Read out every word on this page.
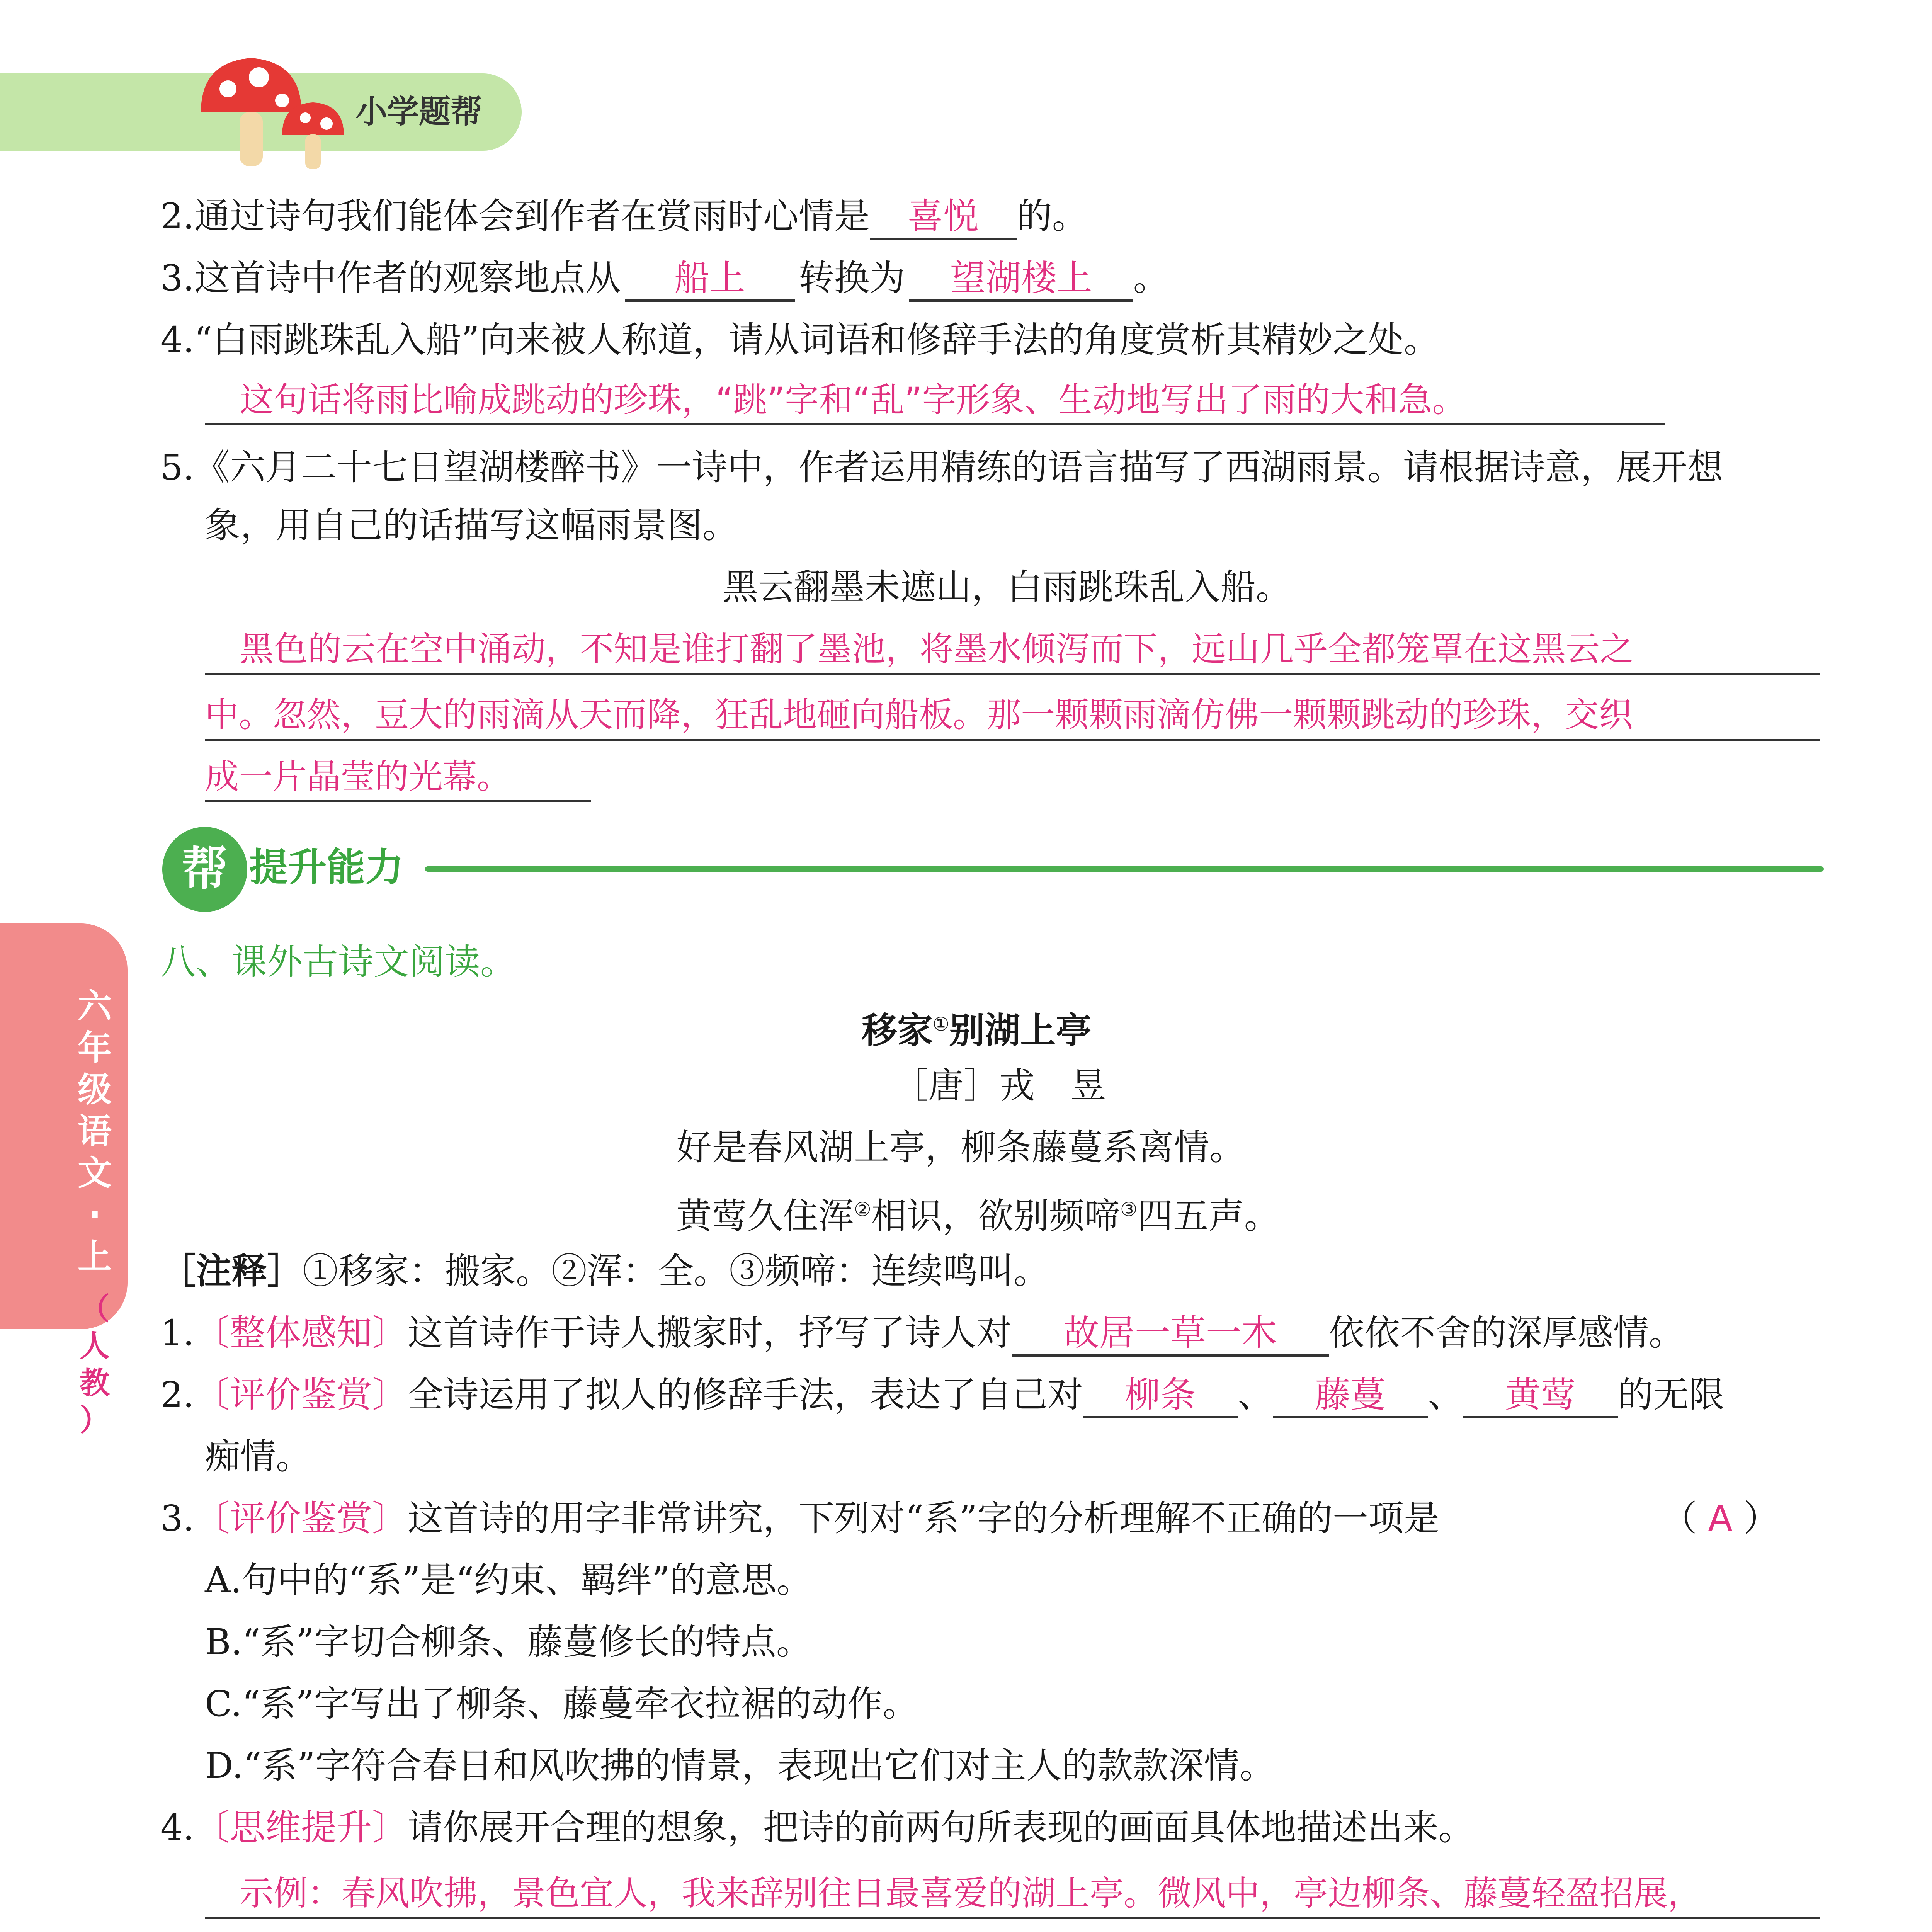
小学题帮
六
年
级
语
文
·
上
（
人
教
）
2.通过诗句我们能体会到作者在赏雨时心情是 喜悦 的。
3.这首诗中作者的观察地点从 船上 转换为 望湖楼上 。
4.“白雨跳珠乱入船”向来被人称道，请从词语和修辞手法的角度赏析其精妙之处。
这句话将雨比喻成跳动的珍珠，“跳”字和“乱”字形象、生动地写出了雨的大和急。
5.《六月二十七日望湖楼醉书》一诗中，作者运用精练的语言描写了西湖雨景。请根据诗意，展开想
象，用自己的话描写这幅雨景图。
黑云翻墨未遮山，白雨跳珠乱入船。
黑色的云在空中涌动，不知是谁打翻了墨池，将墨水倾泻而下，远山几乎全都笼罩在这黑云之
中。忽然，豆大的雨滴从天而降，狂乱地砸向船板。那一颗颗雨滴仿佛一颗颗跳动的珍珠，交织
成一片晶莹的光幕。
帮 提升能力
八、课外古诗文阅读。
移家①别湖上亭
［唐］戎　昱
好是春风湖上亭，柳条藤蔓系离情。
黄莺久住浑②相识，欲别频啼③四五声。
［注释］①移家：搬家。②浑：全。③频啼：连续鸣叫。
1.〔整体感知〕这首诗作于诗人搬家时，抒写了诗人对 故居一草一木 依依不舍的深厚感情。
2.〔评价鉴赏〕全诗运用了拟人的修辞手法，表达了自己对 柳条 、 藤蔓 、 黄莺 的无限
痴情。
3.〔评价鉴赏〕这首诗的用字非常讲究，下列对“系”字的分析理解不正确的一项是	（ A ）
A.句中的“系”是“约束、羁绊”的意思。
B.“系”字切合柳条、藤蔓修长的特点。
C.“系”字写出了柳条、藤蔓牵衣拉裾的动作。
D.“系”字符合春日和风吹拂的情景，表现出它们对主人的款款深情。
4.〔思维提升〕请你展开合理的想象，把诗的前两句所表现的画面具体地描述出来。
示例：春风吹拂，景色宜人，我来辞别往日最喜爱的湖上亭。微风中，亭边柳条、藤蔓轻盈招展，
